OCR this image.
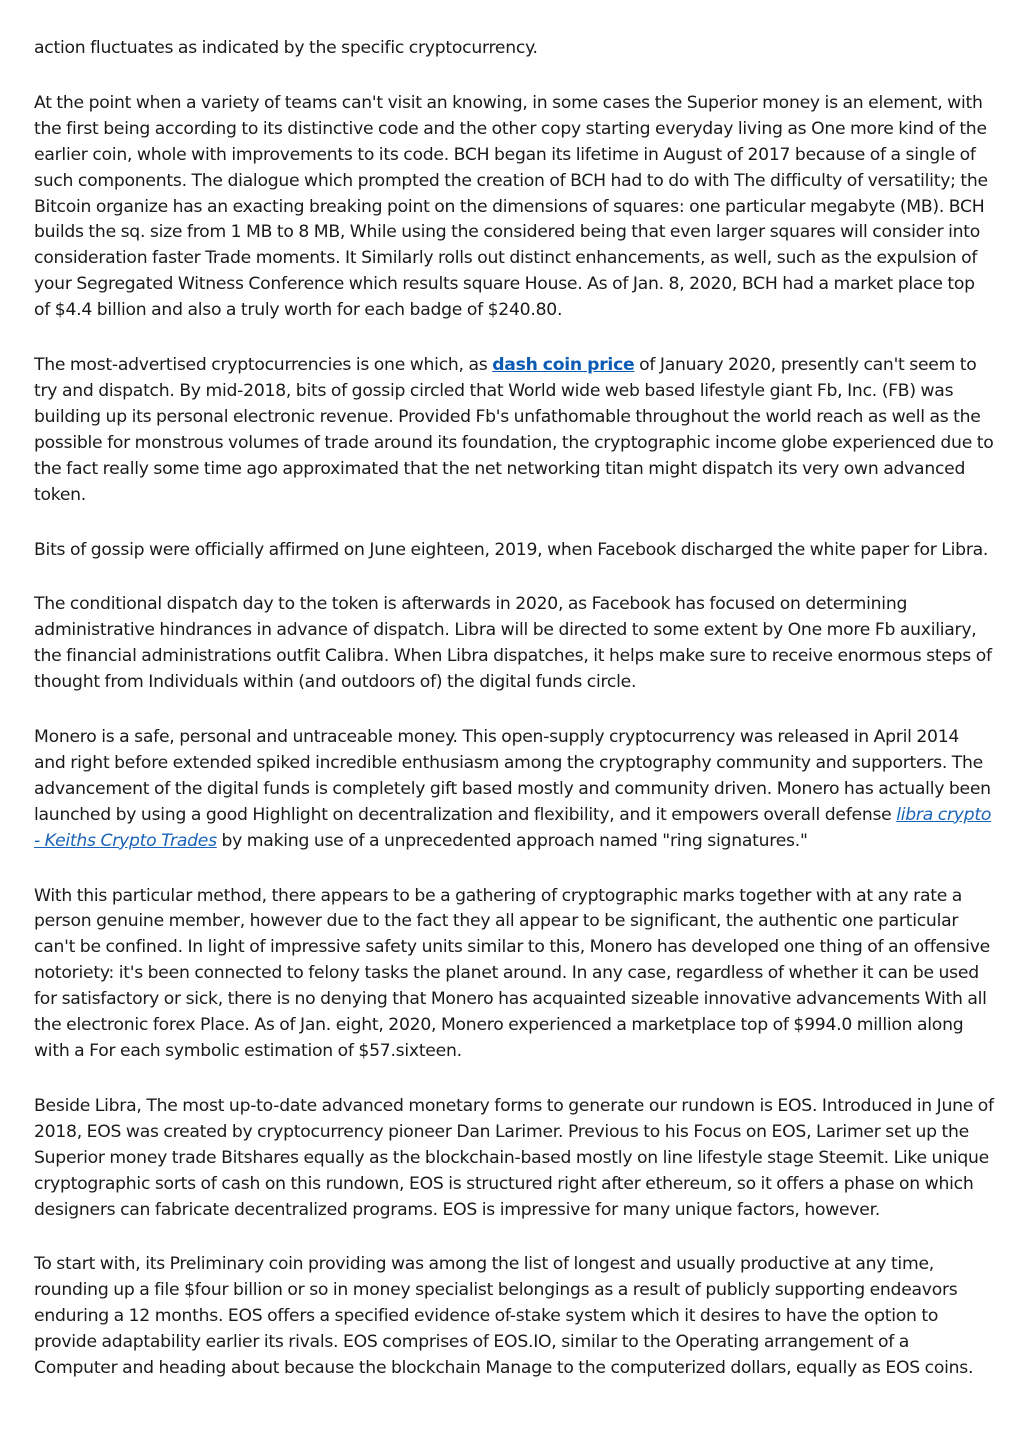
action fluctuates as indicated by the specific cryptocurrency.

At the point when a variety of teams can't visit an knowing, in some cases the Superior money is an element, with the first being according to its distinctive code and the other copy starting everyday living as One more kind of the earlier coin, whole with improvements to its code. BCH began its lifetime in August of 2017 because of a single of such components. The dialogue which prompted the creation of BCH had to do with The difficulty of versatility; the Bitcoin organize has an exacting breaking point on the dimensions of squares: one particular megabyte (MB). BCH builds the sq. size from 1 MB to 8 MB, While using the considered being that even larger squares will consider into consideration faster Trade moments. It Similarly rolls out distinct enhancements, as well, such as the expulsion of your Segregated Witness Conference which results square House. As of Jan. 8, 2020, BCH had a market place top of $4.4 billion and also a truly worth for each badge of $240.80.

The most-advertised cryptocurrencies is one which, as dash coin price of January 2020, presently can't seem to try and dispatch. By mid-2018, bits of gossip circled that World wide web based lifestyle giant Fb, Inc. (FB) was building up its personal electronic revenue. Provided Fb's unfathomable throughout the world reach as well as the possible for monstrous volumes of trade around its foundation, the cryptographic income globe experienced due to the fact really some time ago approximated that the net networking titan might dispatch its very own advanced token.

Bits of gossip were officially affirmed on June eighteen, 2019, when Facebook discharged the white paper for Libra.

The conditional dispatch day to the token is afterwards in 2020, as Facebook has focused on determining administrative hindrances in advance of dispatch. Libra will be directed to some extent by One more Fb auxiliary, the financial administrations outfit Calibra. When Libra dispatches, it helps make sure to receive enormous steps of thought from Individuals within (and outdoors of) the digital funds circle.

Monero is a safe, personal and untraceable money. This open-supply cryptocurrency was released in April 2014 and right before extended spiked incredible enthusiasm among the cryptography community and supporters. The advancement of the digital funds is completely gift based mostly and community driven. Monero has actually been launched by using a good Highlight on decentralization and flexibility, and it empowers overall defense libra crypto - Keiths Crypto Trades by making use of a unprecedented approach named "ring signatures."

With this particular method, there appears to be a gathering of cryptographic marks together with at any rate a person genuine member, however due to the fact they all appear to be significant, the authentic one particular can't be confined. In light of impressive safety units similar to this, Monero has developed one thing of an offensive notoriety: it's been connected to felony tasks the planet around. In any case, regardless of whether it can be used for satisfactory or sick, there is no denying that Monero has acquainted sizeable innovative advancements With all the electronic forex Place. As of Jan. eight, 2020, Monero experienced a marketplace top of $994.0 million along with a For each symbolic estimation of $57.sixteen.

Beside Libra, The most up-to-date advanced monetary forms to generate our rundown is EOS. Introduced in June of 2018, EOS was created by cryptocurrency pioneer Dan Larimer. Previous to his Focus on EOS, Larimer set up the Superior money trade Bitshares equally as the blockchain-based mostly on line lifestyle stage Steemit. Like unique cryptographic sorts of cash on this rundown, EOS is structured right after ethereum, so it offers a phase on which designers can fabricate decentralized programs. EOS is impressive for many unique factors, however.

To start with, its Preliminary coin providing was among the list of longest and usually productive at any time, rounding up a file $four billion or so in money specialist belongings as a result of publicly supporting endeavors enduring a 12 months. EOS offers a specified evidence of-stake system which it desires to have the option to provide adaptability earlier its rivals. EOS comprises of EOS.IO, similar to the Operating arrangement of a Computer and heading about because the blockchain Manage to the computerized dollars, equally as EOS coins.
